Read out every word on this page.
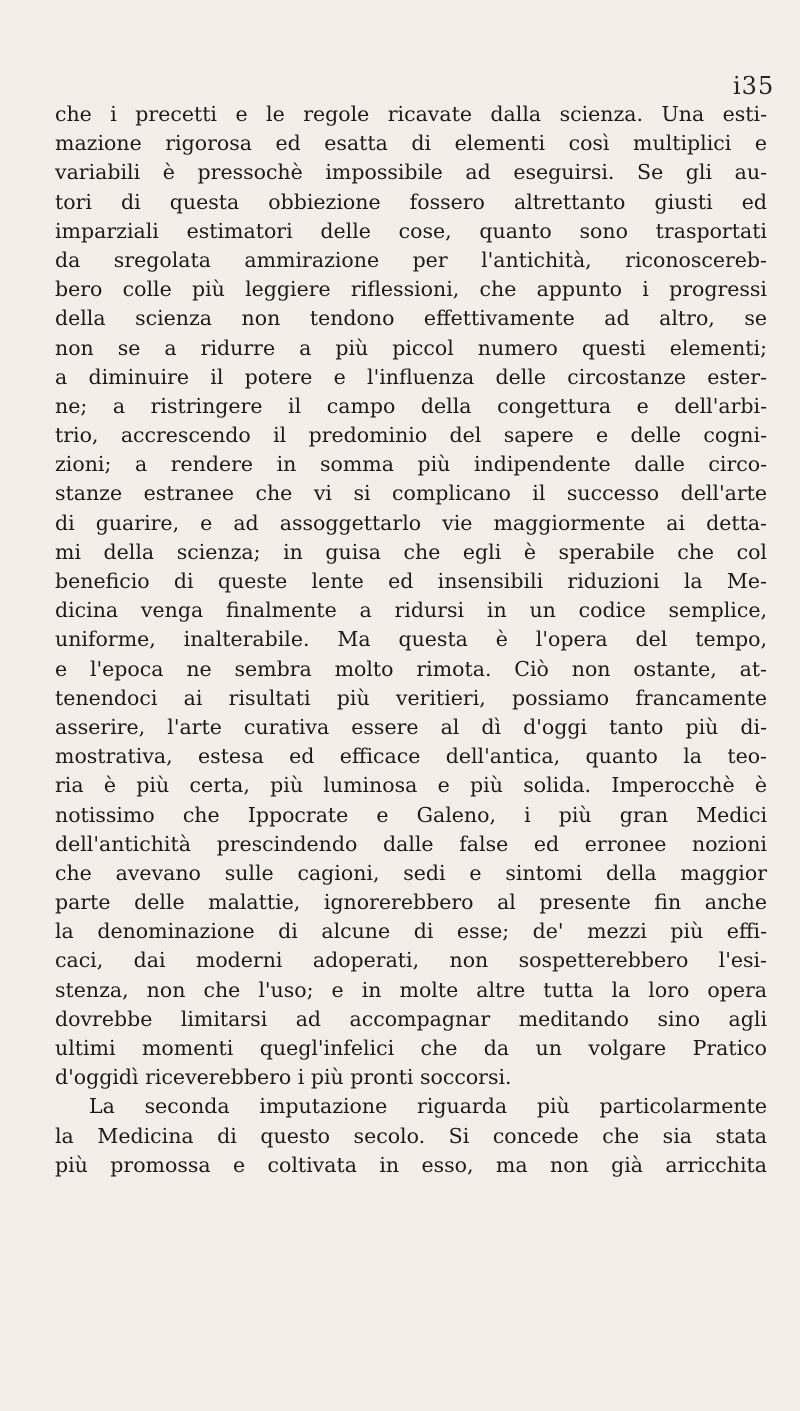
i35
che i precetti e le regole ricavate dalla scienza. Una esti-
mazione rigorosa ed esatta di elementi così multiplici e
variabili è pressochè impossibile ad eseguirsi. Se gli au-
tori di questa obbiezione fossero altrettanto giusti ed
imparziali estimatori delle cose, quanto sono trasportati
da sregolata ammirazione per l'antichità, riconoscereb-
bero colle più leggiere riflessioni, che appunto i progressi
della scienza non tendono effettivamente ad altro, se
non se a ridurre a più piccol numero questi elementi;
a diminuire il potere e l'influenza delle circostanze ester-
ne; a ristringere il campo della congettura e dell'arbi-
trio, accrescendo il predominio del sapere e delle cogni-
zioni; a rendere in somma più indipendente dalle circo-
stanze estranee che vi si complicano il successo dell'arte
di guarire, e ad assoggettarlo vie maggiormente ai detta-
mi della scienza; in guisa che egli è sperabile che col
beneficio di queste lente ed insensibili riduzioni la Me-
dicina venga finalmente a ridursi in un codice semplice,
uniforme, inalterabile. Ma questa è l'opera del tempo,
e l'epoca ne sembra molto rimota. Ciò non ostante, at-
tenendoci ai risultati più veritieri, possiamo francamente
asserire, l'arte curativa essere al dì d'oggi tanto più di-
mostrativa, estesa ed efficace dell'antica, quanto la teo-
ria è più certa, più luminosa e più solida. Imperocchè è
notissimo che Ippocrate e Galeno, i più gran Medici
dell'antichità prescindendo dalle false ed erronee nozioni
che avevano sulle cagioni, sedi e sintomi della maggior
parte delle malattie, ignorerebbero al presente fin anche
la denominazione di alcune di esse; de' mezzi più effi-
caci, dai moderni adoperati, non sospetterebbero l'esi-
stenza, non che l'uso; e in molte altre tutta la loro opera
dovrebbe limitarsi ad accompagnar meditando sino agli
ultimi momenti quegl'infelici che da un volgare Pratico
d'oggidì riceverebbero i più pronti soccorsi.
La seconda imputazione riguarda più particolarmente
la Medicina di questo secolo. Si concede che sia stata
più promossa e coltivata in esso, ma non già arricchita
